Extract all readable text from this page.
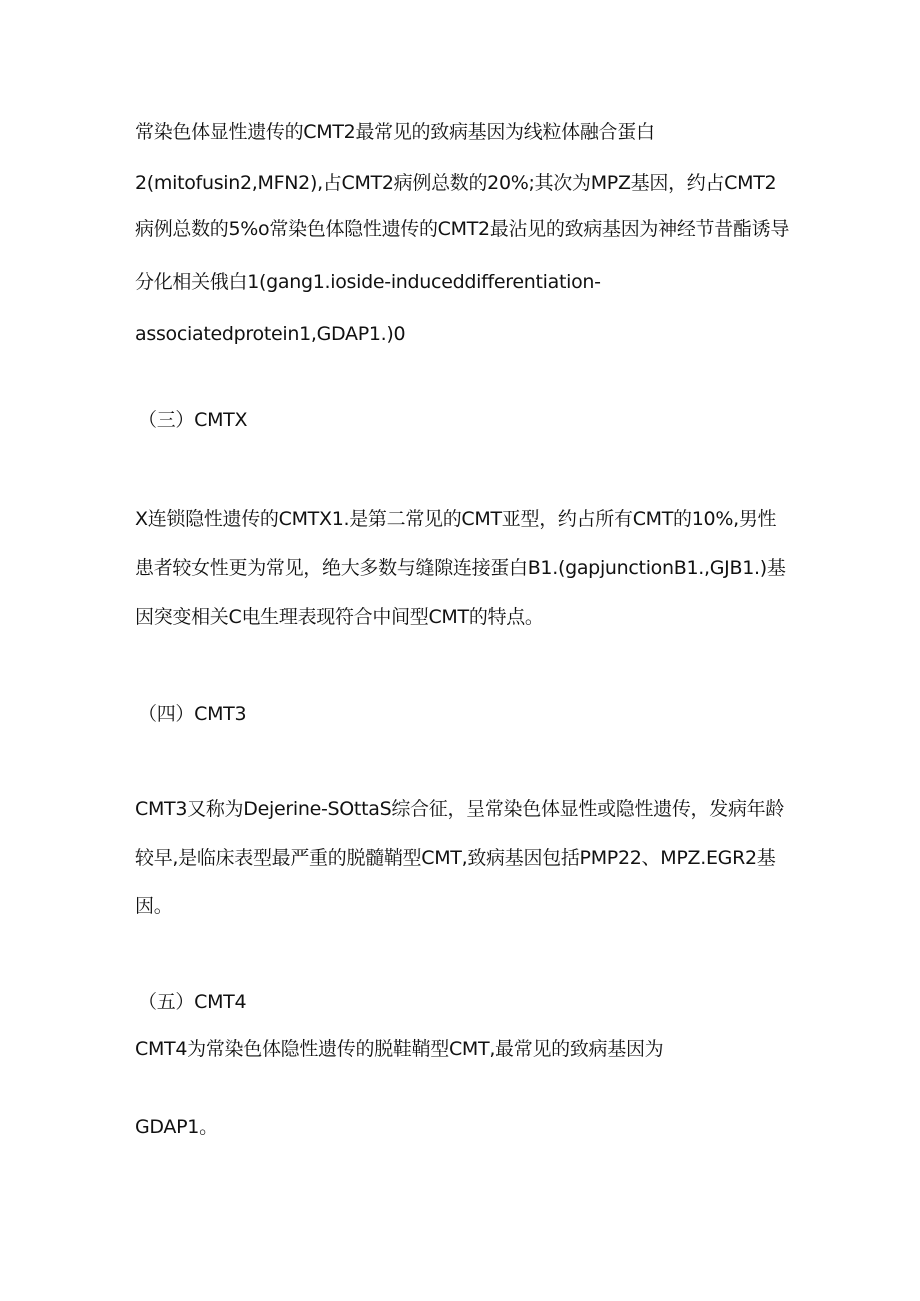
常染色体显性遗传的CMT2最常见的致病基因为线粒体融合蛋白
2(mitofusin2,MFN2),占CMT2病例总数的20%;其次为MPZ基因，约占CMT2
病例总数的5%o常染色体隐性遗传的CMT2最沾见的致病基因为神经节昔酯诱导
分化相关俄白1(gang1.ioside-induceddifferentiation-
associatedprotein1,GDAP1.)0
（三）CMTX
X连锁隐性遗传的CMTX1.是第二常见的CMT亚型，约占所有CMT的10%,男性
患者较女性更为常见，绝大多数与缝隙连接蛋白B1.(gapjunctionB1.,GJB1.)基
因突变相关C电生理表现符合中间型CMT的特点。
（四）CMT3
CMT3又称为Dejerine-SOttaS综合征，呈常染色体显性或隐性遗传，发病年龄
较早,是临床表型最严重的脱髓鞘型CMT,致病基因包括PMP22、MPZ.EGR2基
因。
（五）CMT4
CMT4为常染色体隐性遗传的脱鞋鞘型CMT,最常见的致病基因为
GDAP1。
